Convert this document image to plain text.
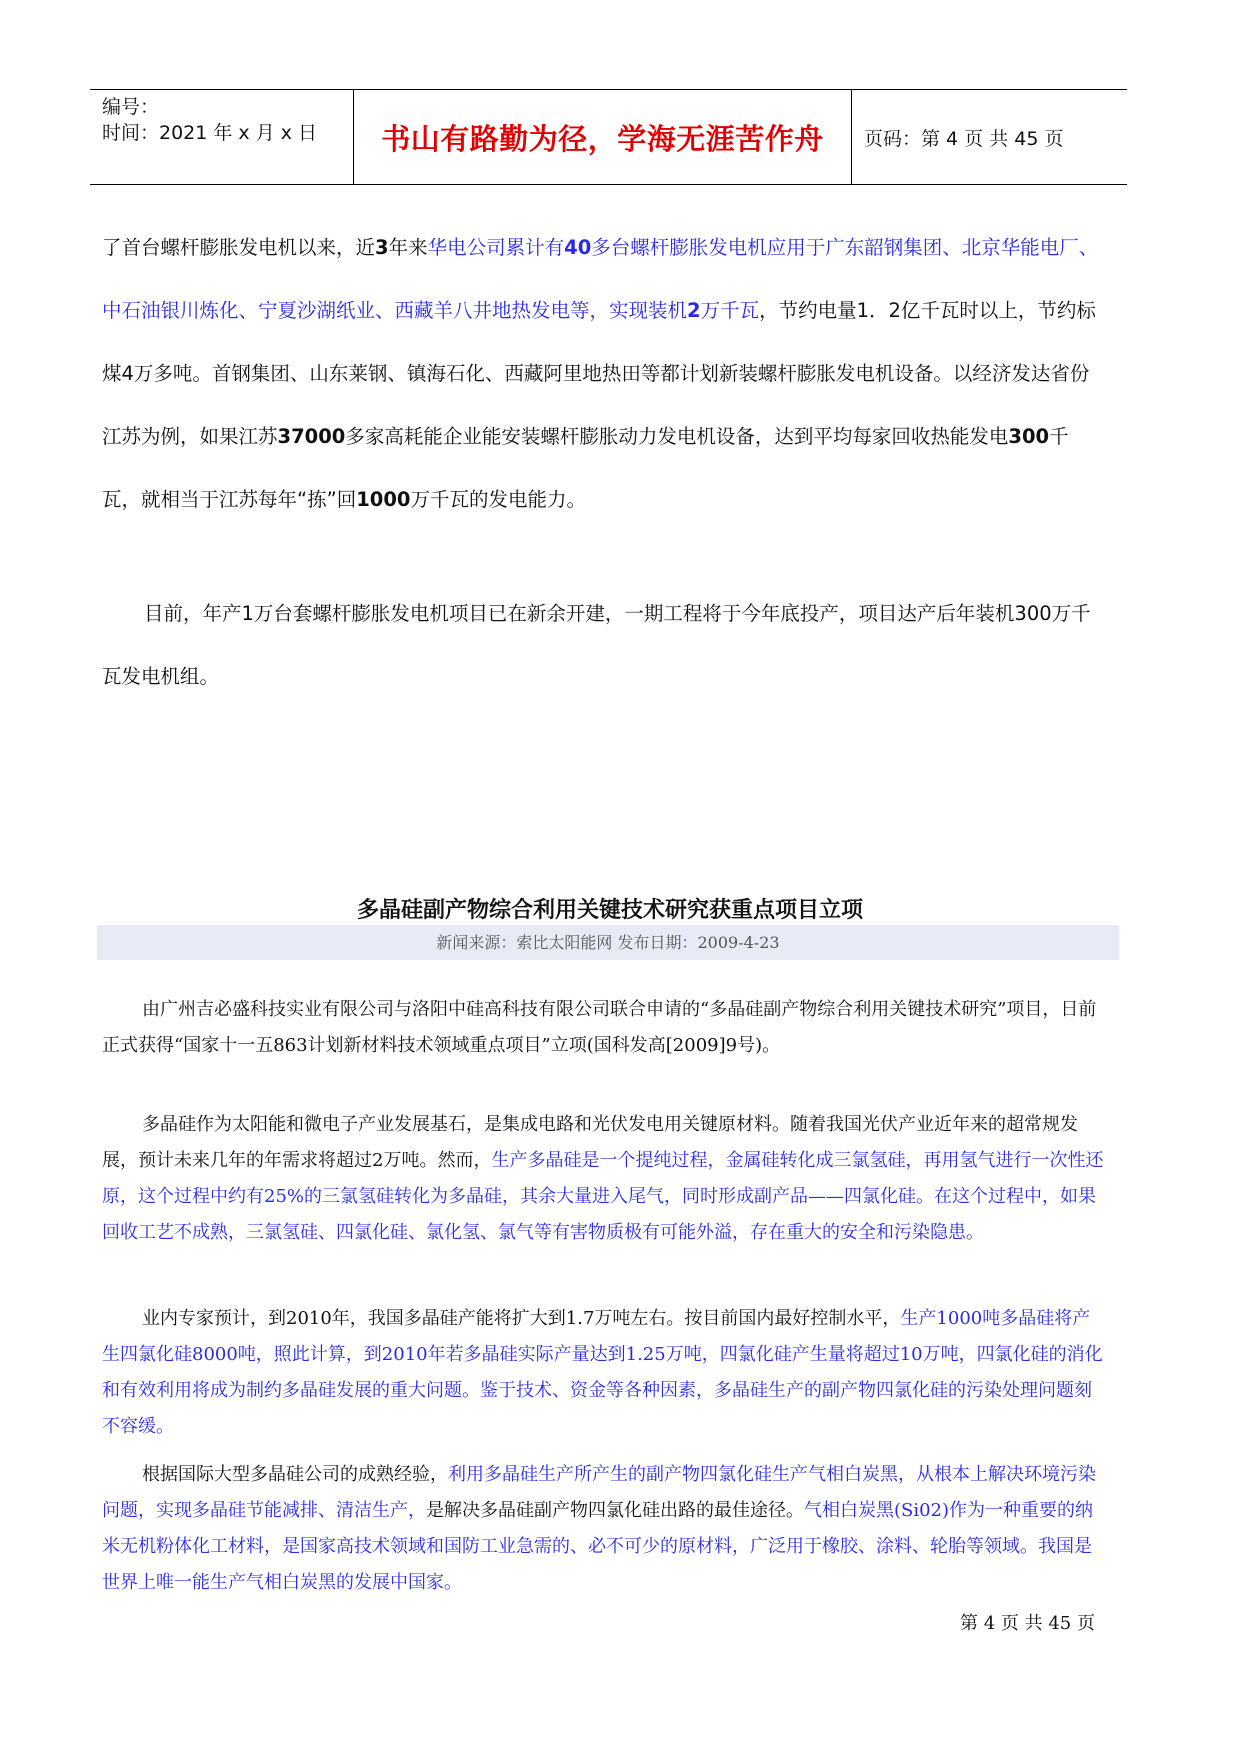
编号：
时间：2021 年 x 月 x 日 书山有路勤为径，学海无涯苦作舟 页码：第 4 页 共 45 页
了首台螺杆膨胀发电机以来，近3年来华电公司累计有40多台螺杆膨胀发电机应用于广东韶钢集团、北京华能电厂、中石油银川炼化、宁夏沙湖纸业、西藏羊八井地热发电等，实现装机2万千瓦，节约电量1．2亿千瓦时以上，节约标煤4万多吨。首钢集团、山东莱钢、镇海石化、西藏阿里地热田等都计划新装螺杆膨胀发电机设备。以经济发达省份江苏为例，如果江苏37000多家高耗能企业能安装螺杆膨胀动力发电机设备，达到平均每家回收热能发电300千瓦，就相当于江苏每年“拣”回1000万千瓦的发电能力。
目前，年产1万台套螺杆膨胀发电机项目已在新余开建，一期工程将于今年底投产，项目达产后年装机300万千瓦发电机组。
多晶硅副产物综合利用关键技术研究获重点项目立项
新闻来源：索比太阳能网 发布日期：2009-4-23
由广州吉必盛科技实业有限公司与洛阳中硅高科技有限公司联合申请的“多晶硅副产物综合利用关键技术研究”项目，日前正式获得“国家十一五863计划新材料技术领域重点项目”立项(国科发高[2009]9号)。
多晶硅作为太阳能和微电子产业发展基石，是集成电路和光伏发电用关键原材料。随着我国光伏产业近年来的超常规发展，预计未来几年的年需求将超过2万吨。然而，生产多晶硅是一个提纯过程，金属硅转化成三氯氢硅，再用氢气进行一次性还原，这个过程中约有25%的三氯氢硅转化为多晶硅，其余大量进入尾气，同时形成副产品——四氯化硅。在这个过程中，如果回收工艺不成熟，三氯氢硅、四氯化硅、氯化氢、氯气等有害物质极有可能外溢，存在重大的安全和污染隐患。
业内专家预计，到2010年，我国多晶硅产能将扩大到1.7万吨左右。按目前国内最好控制水平，生产1000吨多晶硅将产生四氯化硅8000吨，照此计算，到2010年若多晶硅实际产量达到1.25万吨，四氯化硅产生量将超过10万吨，四氯化硅的消化和有效利用将成为制约多晶硅发展的重大问题。鉴于技术、资金等各种因素，多晶硅生产的副产物四氯化硅的污染处理问题刻不容缓。
根据国际大型多晶硅公司的成熟经验，利用多晶硅生产所产生的副产物四氯化硅生产气相白炭黑，从根本上解决环境污染问题，实现多晶硅节能减排、清洁生产，是解决多晶硅副产物四氯化硅出路的最佳途径。气相白炭黑(Si02)作为一种重要的纳米无机粉体化工材料，是国家高技术领域和国防工业急需的、必不可少的原材料，广泛用于橡胶、涂料、轮胎等领域。我国是世界上唯一能生产气相白炭黑的发展中国家。
第 4 页 共 45 页
